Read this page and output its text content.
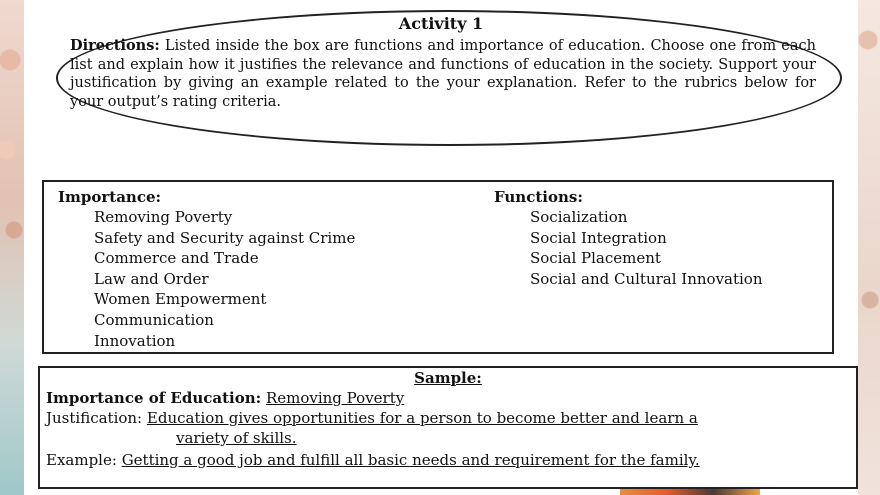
Activity 1
Directions: Listed inside the box are functions and importance of education. Choose one from each list and explain how it justifies the relevance and functions of education in the society. Support your justification by giving an example related to the your explanation. Refer to the rubrics below for your output’s rating criteria.
Importance:
Removing Poverty
Safety and Security against Crime
Commerce and Trade
Law and Order
Women Empowerment
Communication
Innovation
Functions:
Socialization
Social Integration
Social Placement
Social and Cultural Innovation
Sample:
Importance of Education: Removing Poverty
Justification: Education gives opportunities for a person to become better and learn a
variety of skills.
Example: Getting a good job and fulfill all basic needs and requirement for the family.
